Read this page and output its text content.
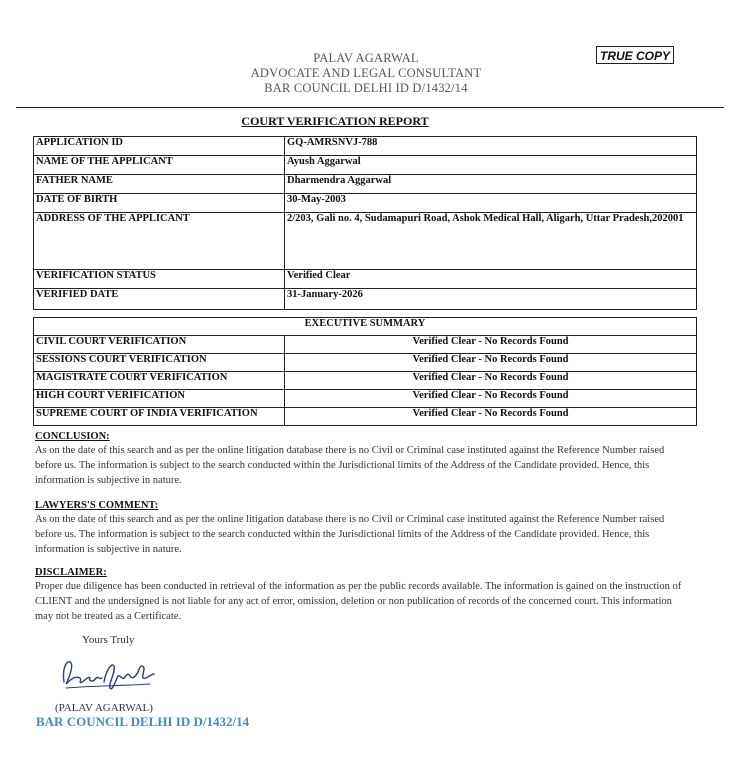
TRUE COPY
PALAV AGARWAL
ADVOCATE AND LEGAL CONSULTANT
BAR COUNCIL DELHI ID D/1432/14
COURT VERIFICATION REPORT
APPLICATION ID	GQ-AMRSNVJ-788
NAME OF THE APPLICANT	Ayush Aggarwal
FATHER NAME	Dharmendra Aggarwal
DATE OF BIRTH	30-May-2003
ADDRESS OF THE APPLICANT	2/203, Gali no. 4, Sudamapuri Road, Ashok Medical Hall, Aligarh, Uttar Pradesh,202001
VERIFICATION STATUS	Verified Clear
VERIFIED DATE	31-January-2026
EXECUTIVE SUMMARY	
CIVIL COURT VERIFICATION	Verified Clear - No Records Found
SESSIONS COURT VERIFICATION	Verified Clear - No Records Found
MAGISTRATE COURT VERIFICATION	Verified Clear - No Records Found
HIGH COURT VERIFICATION	Verified Clear - No Records Found
SUPREME COURT OF INDIA VERIFICATION	Verified Clear - No Records Found
CONCLUSION:
As on the date of this search and as per the online litigation database there is no Civil or Criminal case instituted against the Reference Number raised before us. The information is subject to the search conducted within the Jurisdictional limits of the Address of the Candidate provided. Hence, this information is subjective in nature.
LAWYERS'S COMMENT:
As on the date of this search and as per the online litigation database there is no Civil or Criminal case instituted against the Reference Number raised before us. The information is subject to the search conducted within the Jurisdictional limits of the Address of the Candidate provided. Hence, this information is subjective in nature.
DISCLAIMER:
Proper due diligence has been conducted in retrieval of the information as per the public records available. The information is gained on the instruction of CLIENT and the undersigned is not liable for any act of error, omission, deletion or non publication of records of the concerned court. This information may not be treated as a Certificate.
Yours Truly
(PALAV AGARWAL)
BAR COUNCIL DELHI ID D/1432/14
